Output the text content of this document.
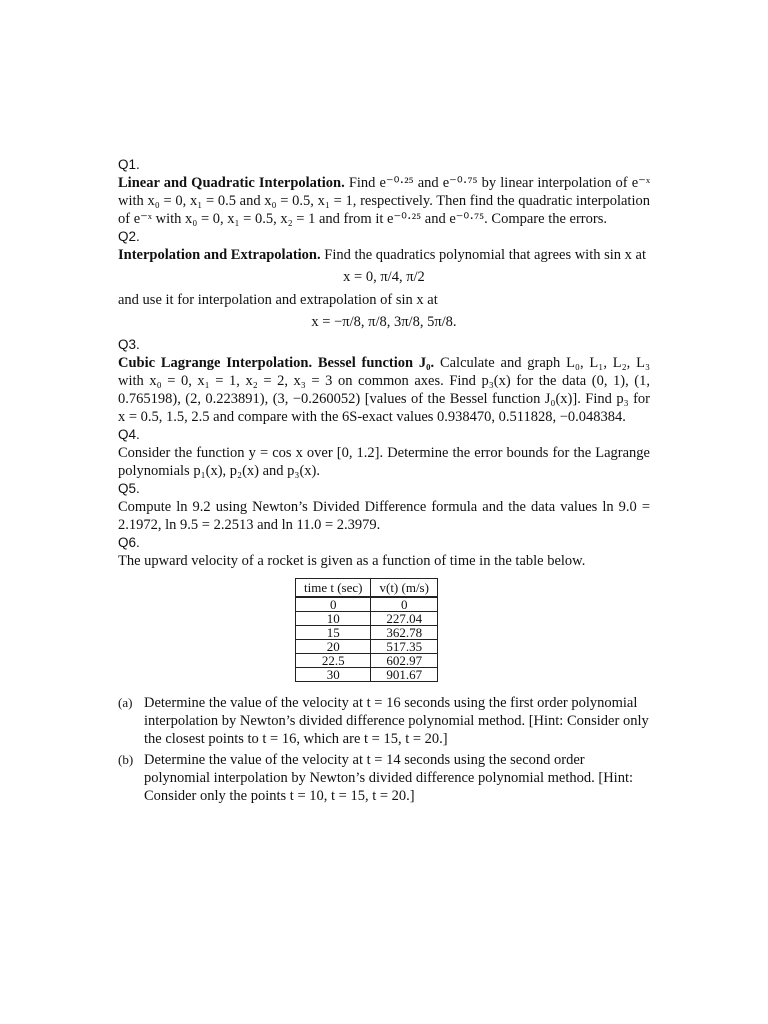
Q1.

Linear and Quadratic Interpolation. Find e⁻⁰·²⁵ and e⁻⁰·⁷⁵ by linear interpolation of e⁻ˣ with x₀ = 0, x₁ = 0.5 and x₀ = 0.5, x₁ = 1, respectively. Then find the quadratic interpolation of e⁻ˣ with x₀ = 0, x₁ = 0.5, x₂ = 1 and from it e⁻⁰·²⁵ and e⁻⁰·⁷⁵. Compare the errors.

Q2.

Interpolation and Extrapolation. Find the quadratics polynomial that agrees with sin x at

x = 0, π/4, π/2

and use it for interpolation and extrapolation of sin x at

x = −π/8, π/8, 3π/8, 5π/8.

Q3.

Cubic Lagrange Interpolation. Bessel function J₀. Calculate and graph L₀, L₁, L₂, L₃ with x₀ = 0, x₁ = 1, x₂ = 2, x₃ = 3 on common axes. Find p₃(x) for the data (0, 1), (1, 0.765198), (2, 0.223891), (3, −0.260052) [values of the Bessel function J₀(x)]. Find p₃ for x = 0.5, 1.5, 2.5 and compare with the 6S-exact values 0.938470, 0.511828, −0.048384.

Q4.

Consider the function y = cos x over [0, 1.2]. Determine the error bounds for the Lagrange polynomials p₁(x), p₂(x) and p₃(x).

Q5.

Compute ln 9.2 using Newton’s Divided Difference formula and the data values ln 9.0 = 2.1972, ln 9.5 = 2.2513 and ln 11.0 = 2.3979.

Q6.

The upward velocity of a rocket is given as a function of time in the table below.

time t (sec)	v(t) (m/s)
0	0
10	227.04
15	362.78
20	517.35
22.5	602.97
30	901.67
(a) Determine the value of the velocity at t = 16 seconds using the first order polynomial interpolation by Newton’s divided difference polynomial method. [Hint: Consider only the closest points to t = 16, which are t = 15, t = 20.]
(b) Determine the value of the velocity at t = 14 seconds using the second order polynomial interpolation by Newton’s divided difference polynomial method. [Hint: Consider only the points t = 10, t = 15, t = 20.]
